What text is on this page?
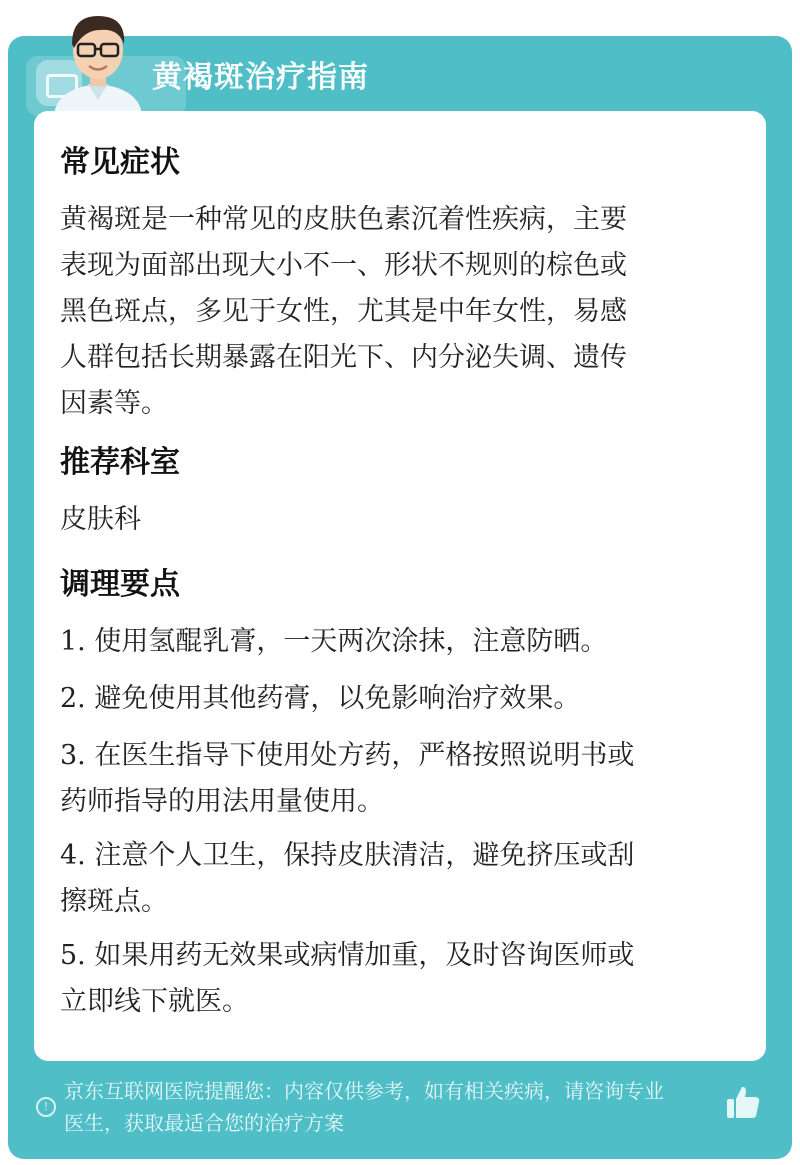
黄褐斑治疗指南
常见症状
黄褐斑是一种常见的皮肤色素沉着性疾病，主要
表现为面部出现大小不一、形状不规则的棕色或
黑色斑点，多见于女性，尤其是中年女性，易感
人群包括长期暴露在阳光下、内分泌失调、遗传
因素等。
推荐科室
皮肤科
调理要点
1. 使用氢醌乳膏，一天两次涂抹，注意防晒。
2. 避免使用其他药膏，以免影响治疗效果。
3. 在医生指导下使用处方药，严格按照说明书或
药师指导的用法用量使用。
4. 注意个人卫生，保持皮肤清洁，避免挤压或刮
擦斑点。
5. 如果用药无效果或病情加重，及时咨询医师或
立即线下就医。
!
京东互联网医院提醒您：内容仅供参考，如有相关疾病，请咨询专业
医生，获取最适合您的治疗方案
